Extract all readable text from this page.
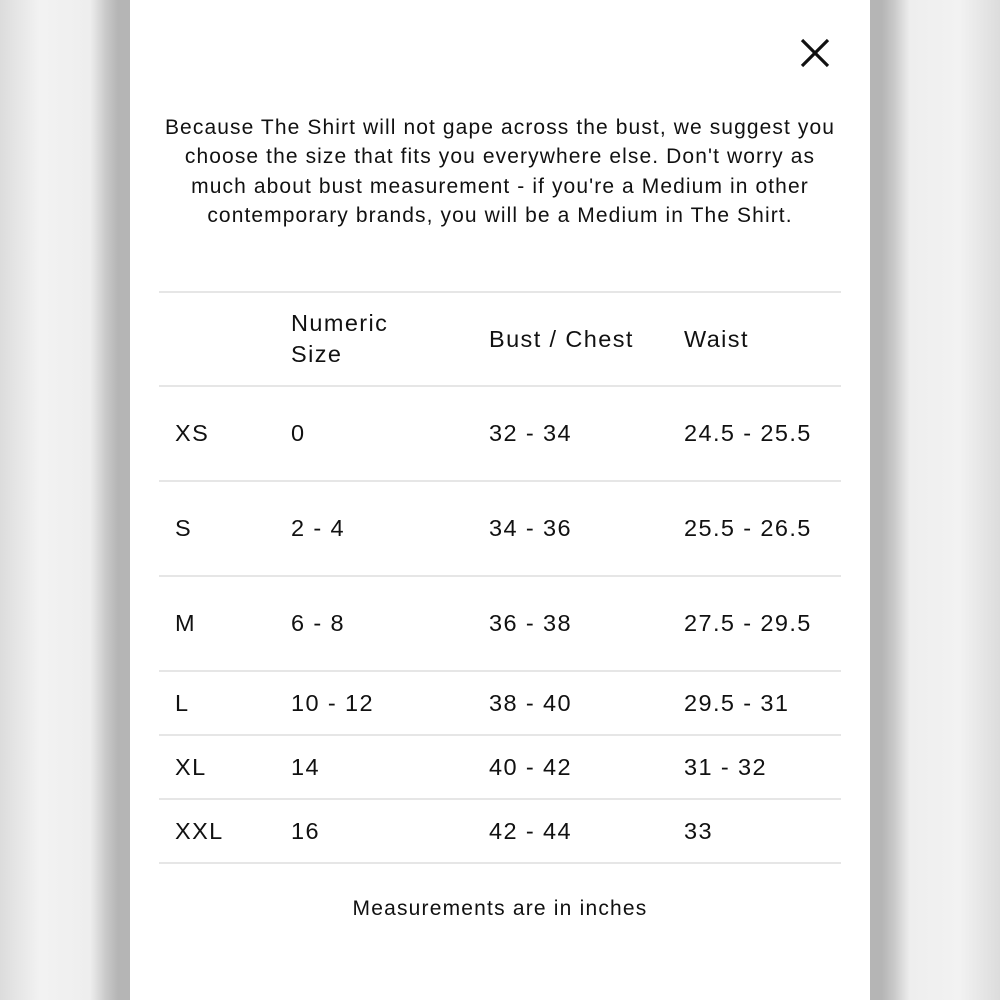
Because The Shirt will not gape across the bust, we suggest you choose the size that fits you everywhere else. Don't worry as much about bust measurement - if you're a Medium in other contemporary brands, you will be a Medium in The Shirt.

	Numeric Size	Bust / Chest	Waist
XS	0	32 - 34	24.5 - 25.5
S	2 - 4	34 - 36	25.5 - 26.5
M	6 - 8	36 - 38	27.5 - 29.5
L	10 - 12	38 - 40	29.5 - 31
XL	14	40 - 42	31 - 32
XXL	16	42 - 44	33

Measurements are in inches
